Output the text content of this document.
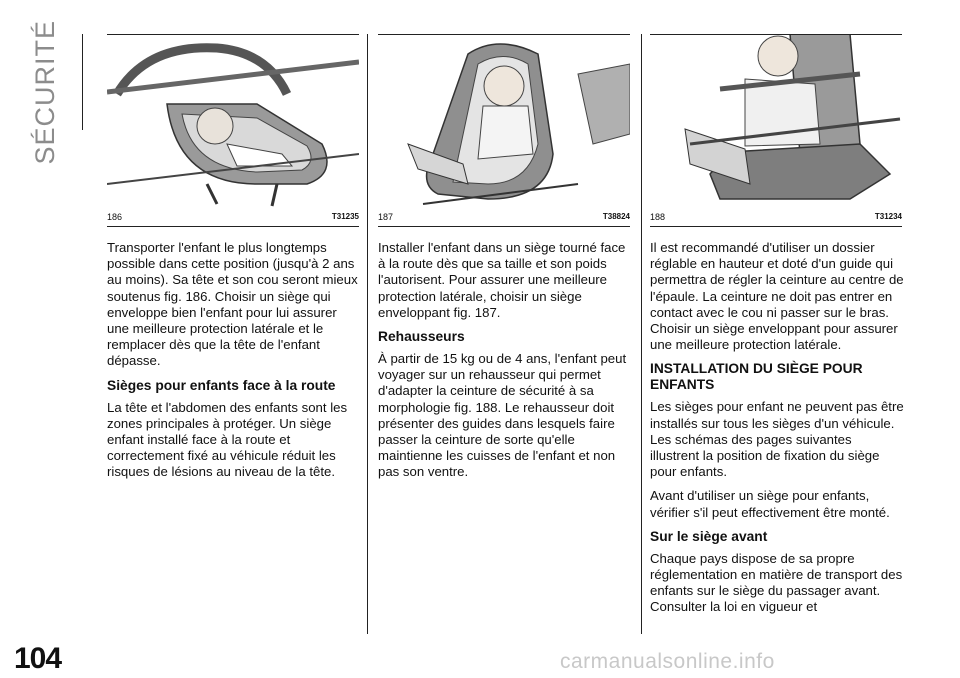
SÉCURITÉ
186	T31235 187	T38824 188	T31234

Transporter l'enfant le plus longtemps possible dans cette position (jusqu'à 2 ans au moins). Sa tête et son cou seront mieux soutenus fig. 186. Choisir un siège qui enveloppe bien l'enfant pour lui assurer une meilleure protection latérale et le remplacer dès que la tête de l'enfant dépasse.

Sièges pour enfants face à la route

La tête et l'abdomen des enfants sont les zones principales à protéger. Un siège enfant installé face à la route et correctement fixé au véhicule réduit les risques de lésions au niveau de la tête.

Installer l'enfant dans un siège tourné face à la route dès que sa taille et son poids l'autorisent. Pour assurer une meilleure protection latérale, choisir un siège enveloppant fig. 187.

Rehausseurs

À partir de 15 kg ou de 4 ans, l'enfant peut voyager sur un rehausseur qui permet d'adapter la ceinture de sécurité à sa morphologie fig. 188. Le rehausseur doit présenter des guides dans lesquels faire passer la ceinture de sorte qu'elle maintienne les cuisses de l'enfant et non pas son ventre.

Il est recommandé d'utiliser un dossier réglable en hauteur et doté d'un guide qui permettra de régler la ceinture au centre de l'épaule. La ceinture ne doit pas entrer en contact avec le cou ni passer sur le bras. Choisir un siège enveloppant pour assurer une meilleure protection latérale.

INSTALLATION DU SIÈGE POUR ENFANTS

Les sièges pour enfant ne peuvent pas être installés sur tous les sièges d'un véhicule. Les schémas des pages suivantes illustrent la position de fixation du siège pour enfants.

Avant d'utiliser un siège pour enfants, vérifier s'il peut effectivement être monté.

Sur le siège avant

Chaque pays dispose de sa propre réglementation en matière de transport des enfants sur le siège du passager avant. Consulter la loi en vigueur et

104	carmanualsonline.info
